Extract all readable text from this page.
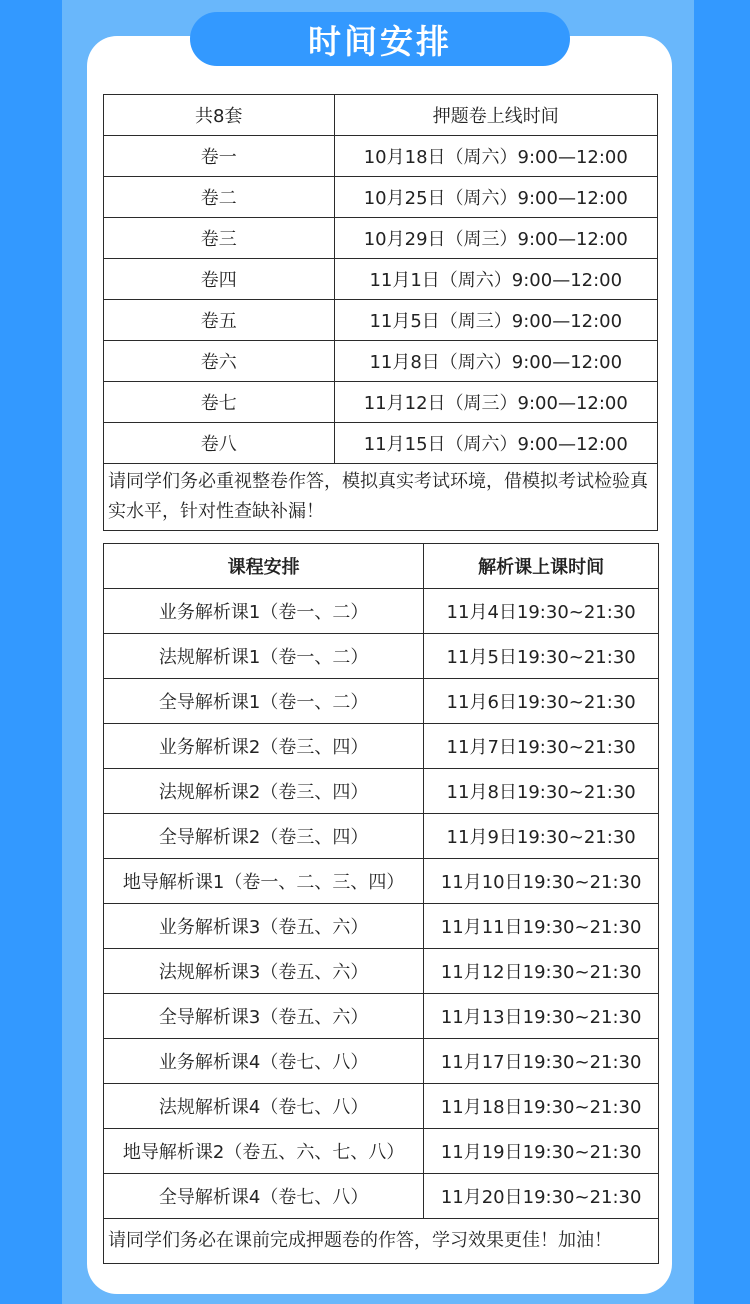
时间安排
共8套	押题卷上线时间
卷一	10月18日（周六）9:00—12:00
卷二	10月25日（周六）9:00—12:00
卷三	10月29日（周三）9:00—12:00
卷四	11月1日（周六）9:00—12:00
卷五	11月5日（周三）9:00—12:00
卷六	11月8日（周六）9:00—12:00
卷七	11月12日（周三）9:00—12:00
卷八	11月15日（周六）9:00—12:00
请同学们务必重视整卷作答，模拟真实考试环境，借模拟考试检验真实水平，针对性查缺补漏！	
课程安排	解析课上课时间
业务解析课1（卷一、二）	11月4日19:30~21:30
法规解析课1（卷一、二）	11月5日19:30~21:30
全导解析课1（卷一、二）	11月6日19:30~21:30
业务解析课2（卷三、四）	11月7日19:30~21:30
法规解析课2（卷三、四）	11月8日19:30~21:30
全导解析课2（卷三、四）	11月9日19:30~21:30
地导解析课1（卷一、二、三、四）	11月10日19:30~21:30
业务解析课3（卷五、六）	11月11日19:30~21:30
法规解析课3（卷五、六）	11月12日19:30~21:30
全导解析课3（卷五、六）	11月13日19:30~21:30
业务解析课4（卷七、八）	11月17日19:30~21:30
法规解析课4（卷七、八）	11月18日19:30~21:30
地导解析课2（卷五、六、七、八）	11月19日19:30~21:30
全导解析课4（卷七、八）	11月20日19:30~21:30
请同学们务必在课前完成押题卷的作答，学习效果更佳！加油！	
